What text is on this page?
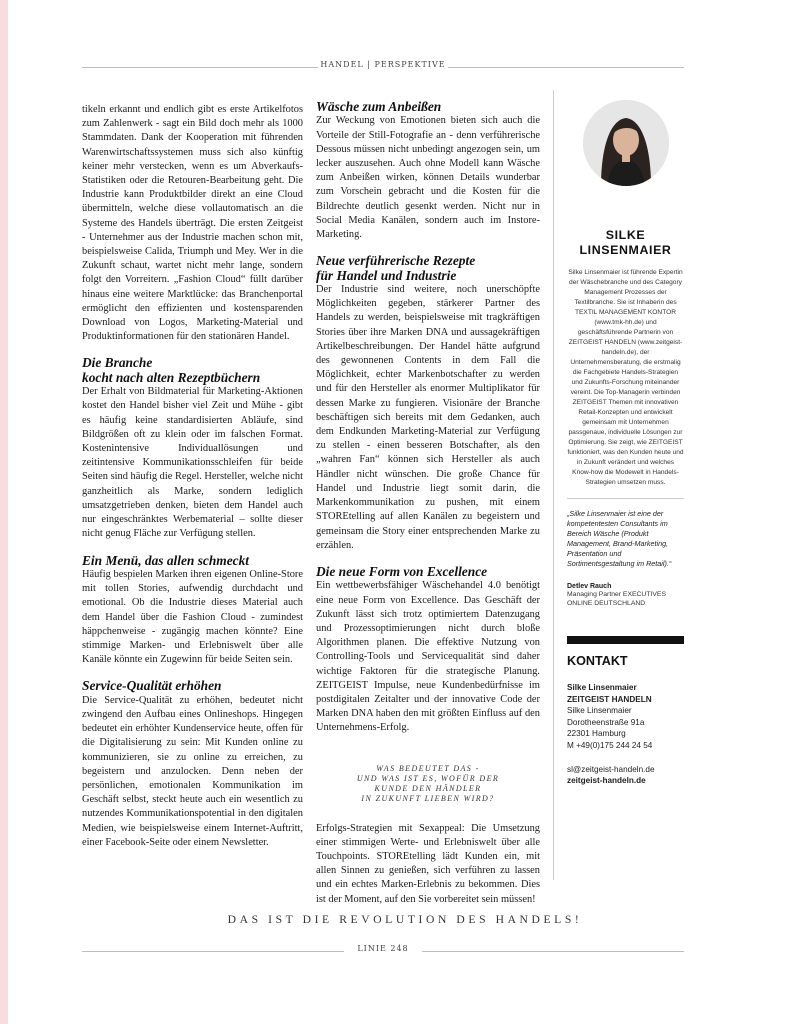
HANDEL | PERSPEKTIVE

tikeln erkannt und endlich gibt es erste Artikelfotos zum Zahlenwerk - sagt ein Bild doch mehr als 1000 Stammdaten. Dank der Kooperation mit führenden Warenwirtschaftssystemen muss sich also künftig keiner mehr verstecken, wenn es um Abverkaufs-Statistiken oder die Retouren-Bearbeitung geht. Die Industrie kann Produktbilder direkt an eine Cloud übermitteln, welche diese vollautomatisch an die Systeme des Handels überträgt. Die ersten Zeitgeist - Unternehmer aus der Industrie machen schon mit, beispielsweise Calida, Triumph und Mey. Wer in die Zukunft schaut, wartet nicht mehr lange, sondern folgt den Vorreitern. „Fashion Cloud“ füllt darüber hinaus eine weitere Marktlücke: das Branchenportal ermöglicht den effizienten und kostensparenden Download von Logos, Marketing-Material und Produktinformationen für den stationären Handel.

Die Branche
kocht nach alten Rezeptbüchern

Der Erhalt von Bildmaterial für Marketing-Aktionen kostet den Handel bisher viel Zeit und Mühe - gibt es häufig keine standardisierten Abläufe, sind Bildgrößen oft zu klein oder im falschen Format. Kostenintensive Individuallösungen und zeitintensive Kommunikationsschleifen für beide Seiten sind häufig die Regel. Hersteller, welche nicht ganzheitlich als Marke, sondern lediglich umsatzgetrieben denken, bieten dem Handel auch nur eingeschränktes Werbematerial – sollte dieser nicht genug Fläche zur Verfügung stellen.

Ein Menü, das allen schmeckt

Häufig bespielen Marken ihren eigenen Online-Store mit tollen Stories, aufwendig durchdacht und emotional. Ob die Industrie dieses Material auch dem Handel über die Fashion Cloud - zumindest häppchenweise - zugängig machen könnte? Eine stimmige Marken- und Erlebniswelt über alle Kanäle könnte ein Zugewinn für beide Seiten sein.

Service-Qualität erhöhen

Die Service-Qualität zu erhöhen, bedeutet nicht zwingend den Aufbau eines Onlineshops. Hingegen bedeutet ein erhöhter Kundenservice heute, offen für die Digitalisierung zu sein: Mit Kunden online zu kommunizieren, sie zu online zu erreichen, zu begeistern und anzulocken. Denn neben der persönlichen, emotionalen Kommunikation im Geschäft selbst, steckt heute auch ein wesentlich zu nutzendes Kommunikationspotential in den digitalen Medien, wie beispielsweise einem Internet-Auftritt, einer Facebook-Seite oder einem Newsletter.

Wäsche zum Anbeißen

Zur Weckung von Emotionen bieten sich auch die Vorteile der Still-Fotografie an - denn verführerische Dessous müssen nicht unbedingt angezogen sein, um lecker auszusehen. Auch ohne Modell kann Wäsche zum Anbeißen wirken, können Details wunderbar zum Vorschein gebracht und die Kosten für die Bildrechte deutlich gesenkt werden. Nicht nur in Social Media Kanälen, sondern auch im Instore-Marketing.

Neue verführerische Rezepte
für Handel und Industrie

Der Industrie sind weitere, noch unerschöpfte Möglichkeiten gegeben, stärkerer Partner des Handels zu werden, beispielsweise mit tragkräftigen Stories über ihre Marken DNA und aussagekräftigen Artikelbeschreibungen. Der Handel hätte aufgrund des gewonnenen Contents in dem Fall die Möglichkeit, echter Markenbotschafter zu werden und für den Hersteller als enormer Multiplikator für dessen Marke zu fungieren. Visionäre der Branche beschäftigen sich bereits mit dem Gedanken, auch dem Endkunden Marketing-Material zur Verfügung zu stellen - einen besseren Botschafter, als den „wahren Fan“ können sich Hersteller als auch Händler nicht wünschen. Die große Chance für Handel und Industrie liegt somit darin, die Markenkommunikation zu pushen, mit einem STOREtelling auf allen Kanälen zu begeistern und gemeinsam die Story einer entsprechenden Marke zu erzählen.

Die neue Form von Excellence

Ein wettbewerbsfähiger Wäschehandel 4.0 benötigt eine neue Form von Excellence. Das Geschäft der Zukunft lässt sich trotz optimiertem Datenzugang und Prozessoptimierungen nicht durch bloße Algorithmen planen. Die effektive Nutzung von Controlling-Tools und Servicequalität sind daher wichtige Faktoren für die strategische Planung. ZEITGEIST Impulse, neue Kundenbedürfnisse im postdigitalen Zeitalter und der innovative Code der Marken DNA haben den mit größten Einfluss auf den Unternehmens-Erfolg.

WAS BEDEUTET DAS -
UND WAS IST ES, WOFÜR DER
KUNDE DEN HÄNDLER
IN ZUKUNFT LIEBEN WIRD?

Erfolgs-Strategien mit Sexappeal: Die Umsetzung einer stimmigen Werte- und Erlebniswelt über alle Touchpoints. STOREtelling lädt Kunden ein, mit allen Sinnen zu genießen, sich verführen zu lassen und ein echtes Marken-Erlebnis zu bekommen. Dies ist der Moment, auf den Sie vorbereitet sein müssen!

SILKE
LINSENMAIER
Silke Linsenmaier ist führende Expertin der Wäschebranche und des Category Management Prozesses der Textilbranche. Sie ist Inhaberin des TEXTIL MANAGEMENT KONTOR (www.tmk-hh.de) und geschäftsführende Partnerin von ZEITGEIST HANDELN (www.zeitgeist-handeln.de), der Unternehmensberatung, die erstmalig die Fachgebiete Handels-Strategien und Zukunfts-Forschung miteinander vereint. Die Top-Managerin verbinden ZEITGEIST Themen mit innovativen Retail-Konzepten und entwickelt gemeinsam mit Unternehmen passgenaue, individuelle Lösungen zur Optimierung. Sie zeigt, wie ZEITGEIST funktioniert, was den Kunden heute und in Zukunft verändert und welches Know-how die Modewelt in Handels-Strategien umsetzen muss.
„Silke Linsenmaier ist eine der kompetentesten Consultants im Bereich Wäsche (Produkt Management, Brand-Marketing, Präsentation und Sortimentsgestaltung im Retail).“
Detlev Rauch
Managing Partner EXECUTIVES ONLINE DEUTSCHLAND
KONTAKT
Silke Linsenmaier
ZEITGEIST HANDELN
Silke Linsenmaier
Dorotheenstraße 91a
22301 Hamburg
M +49(0)175 244 24 54
sl@zeitgeist-handeln.de
zeitgeist-handeln.de
DAS IST DIE REVOLUTION DES HANDELS!
LINIE 248
